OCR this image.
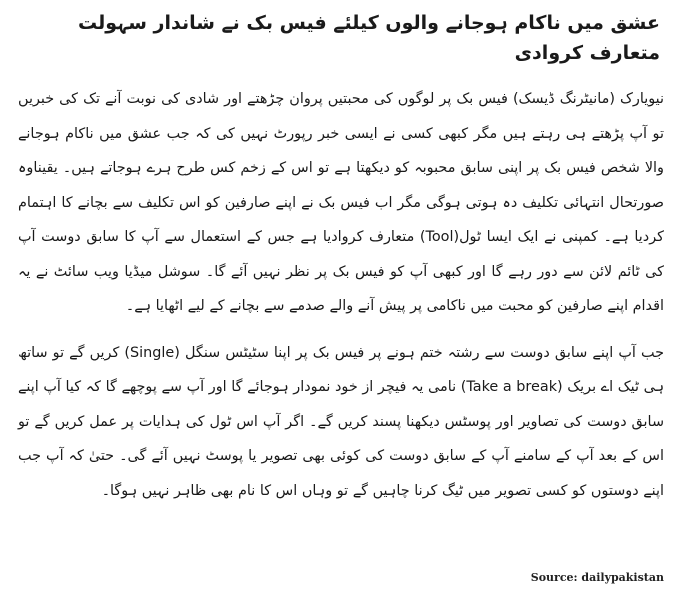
عشق میں ناکام ہوجانے والوں کیلئے فیس بک نے شاندار سہولت متعارف کروادی

نیویارک (مانیٹرنگ ڈیسک) فیس بک پر لوگوں کی محبتیں پروان چڑھتے اور شادی کی نوبت آنے تک کی خبریں تو آپ پڑھتے ہی رہتے ہیں مگر کبھی کسی نے ایسی خبر رپورٹ نہیں کی کہ جب عشق میں ناکام ہوجانے والا شخص فیس بک پر اپنی سابق محبوبہ کو دیکھتا ہے تو اس کے زخم کس طرح ہرے ہوجاتے ہیں۔ یقیناوہ صورتحال انتہائی تکلیف دہ ہوتی ہوگی مگر اب فیس بک نے اپنے صارفین کو اس تکلیف سے بچانے کا اہتمام کردیا ہے۔ کمپنی نے ایک ایسا ٹول(Tool) متعارف کروادیا ہے جس کے استعمال سے آپ کا سابق دوست آپ کی ٹائم لائن سے دور رہے گا اور کبھی آپ کو فیس بک پر نظر نہیں آئے گا۔ سوشل میڈیا ویب سائٹ نے یہ اقدام اپنے صارفین کو محبت میں ناکامی پر پیش آنے والے صدمے سے بچانے کے لیے اٹھایا ہے۔

جب آپ اپنے سابق دوست سے رشتہ ختم ہونے پر فیس بک پر اپنا سٹیٹس سنگل (Single) کریں گے تو ساتھ ہی ٹیک اے بریک (Take a break) نامی یہ فیچر از خود نمودار ہوجائے گا اور آپ سے پوچھے گا کہ کیا آپ اپنے سابق دوست کی تصاویر اور پوسٹس دیکھنا پسند کریں گے۔ اگر آپ اس ٹول کی ہدایات پر عمل کریں گے تو اس کے بعد آپ کے سامنے آپ کے سابق دوست کی کوئی بھی تصویر یا پوسٹ نہیں آئے گی۔ حتیٰ کہ آپ جب اپنے دوستوں کو کسی تصویر میں ٹیگ کرنا چاہیں گے تو وہاں اس کا نام بھی ظاہر نہیں ہوگا۔

Source: dailypakistan
